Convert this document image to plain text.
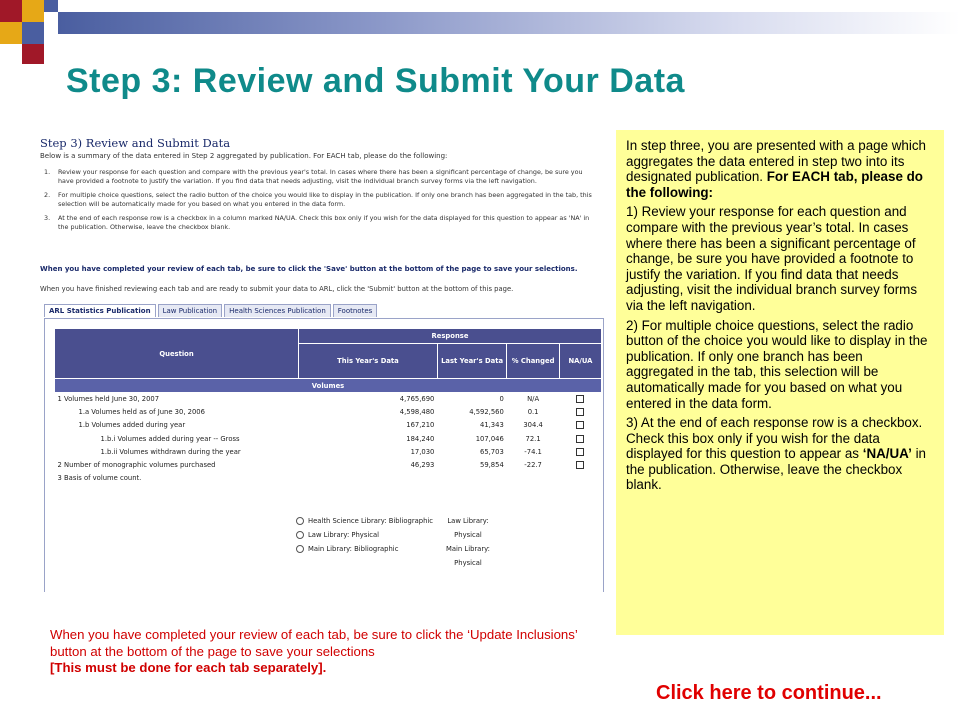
Step 3: Review and Submit Your Data
Step 3) Review and Submit Data
Below is a summary of the data entered in Step 2 aggregated by publication. For EACH tab, please do the following:
1.	Review your response for each question and compare with the previous year's total. In cases where there has been a significant percentage of change, be sure you have provided a footnote to justify the variation. If you find data that needs adjusting, visit the individual branch survey forms via the left navigation.
2.	For multiple choice questions, select the radio button of the choice you would like to display in the publication. If only one branch has been aggregated in the tab, this selection will be automatically made for you based on what you entered in the data form.
3.	At the end of each response row is a checkbox in a column marked NA/UA. Check this box only if you wish for the data displayed for this question to appear as 'NA' in the publication. Otherwise, leave the checkbox blank.
When you have completed your review of each tab, be sure to click the 'Save' button at the bottom of the page to save your selections.
When you have finished reviewing each tab and are ready to submit your data to ARL, click the 'Submit' button at the bottom of this page.
ARL Statistics Publication	Law Publication	Health Sciences Publication	Footnotes
Question	Response			
	This Year's Data	Last Year's Data	% Changed	NA/UA
Volumes				
1 Volumes held June 30, 2007	4,765,690	0	N/A	
1.a Volumes held as of June 30, 2006	4,598,480	4,592,560	0.1	
1.b Volumes added during year	167,210	41,343	304.4	
1.b.i Volumes added during year -- Gross	184,240	107,046	72.1	
1.b.ii Volumes withdrawn during the year	17,030	65,703	-74.1	
2 Number of monographic volumes purchased	46,293	59,854	-22.7	
3 Basis of volume count.				
Health Science Library: Bibliographic
Law Library: Physical
Main Library: Bibliographic
Law Library:
Physical
Main Library:
Physical

In step three, you are presented with a page which aggregates the data entered in step two into its designated publication. For EACH tab, please do the following:

1) Review your response for each question and compare with the previous year’s total. In cases where there has been a significant percentage of change, be sure you have provided a footnote to justify the variation. If you find data that needs adjusting, visit the individual branch survey forms via the left navigation.

2) For multiple choice questions, select the radio button of the choice you would like to display in the publication. If only one branch has been aggregated in the tab, this selection will be automatically made for you based on what you entered in the data form.

3) At the end of each response row is a checkbox. Check this box only if you wish for the data displayed for this question to appear as ‘NA/UA’ in the publication. Otherwise, leave the checkbox blank.

When you have completed your review of each tab, be sure to click the ‘Update Inclusions’ button at the bottom of the page to save your selections
[This must be done for each tab separately].
Click here to continue...
